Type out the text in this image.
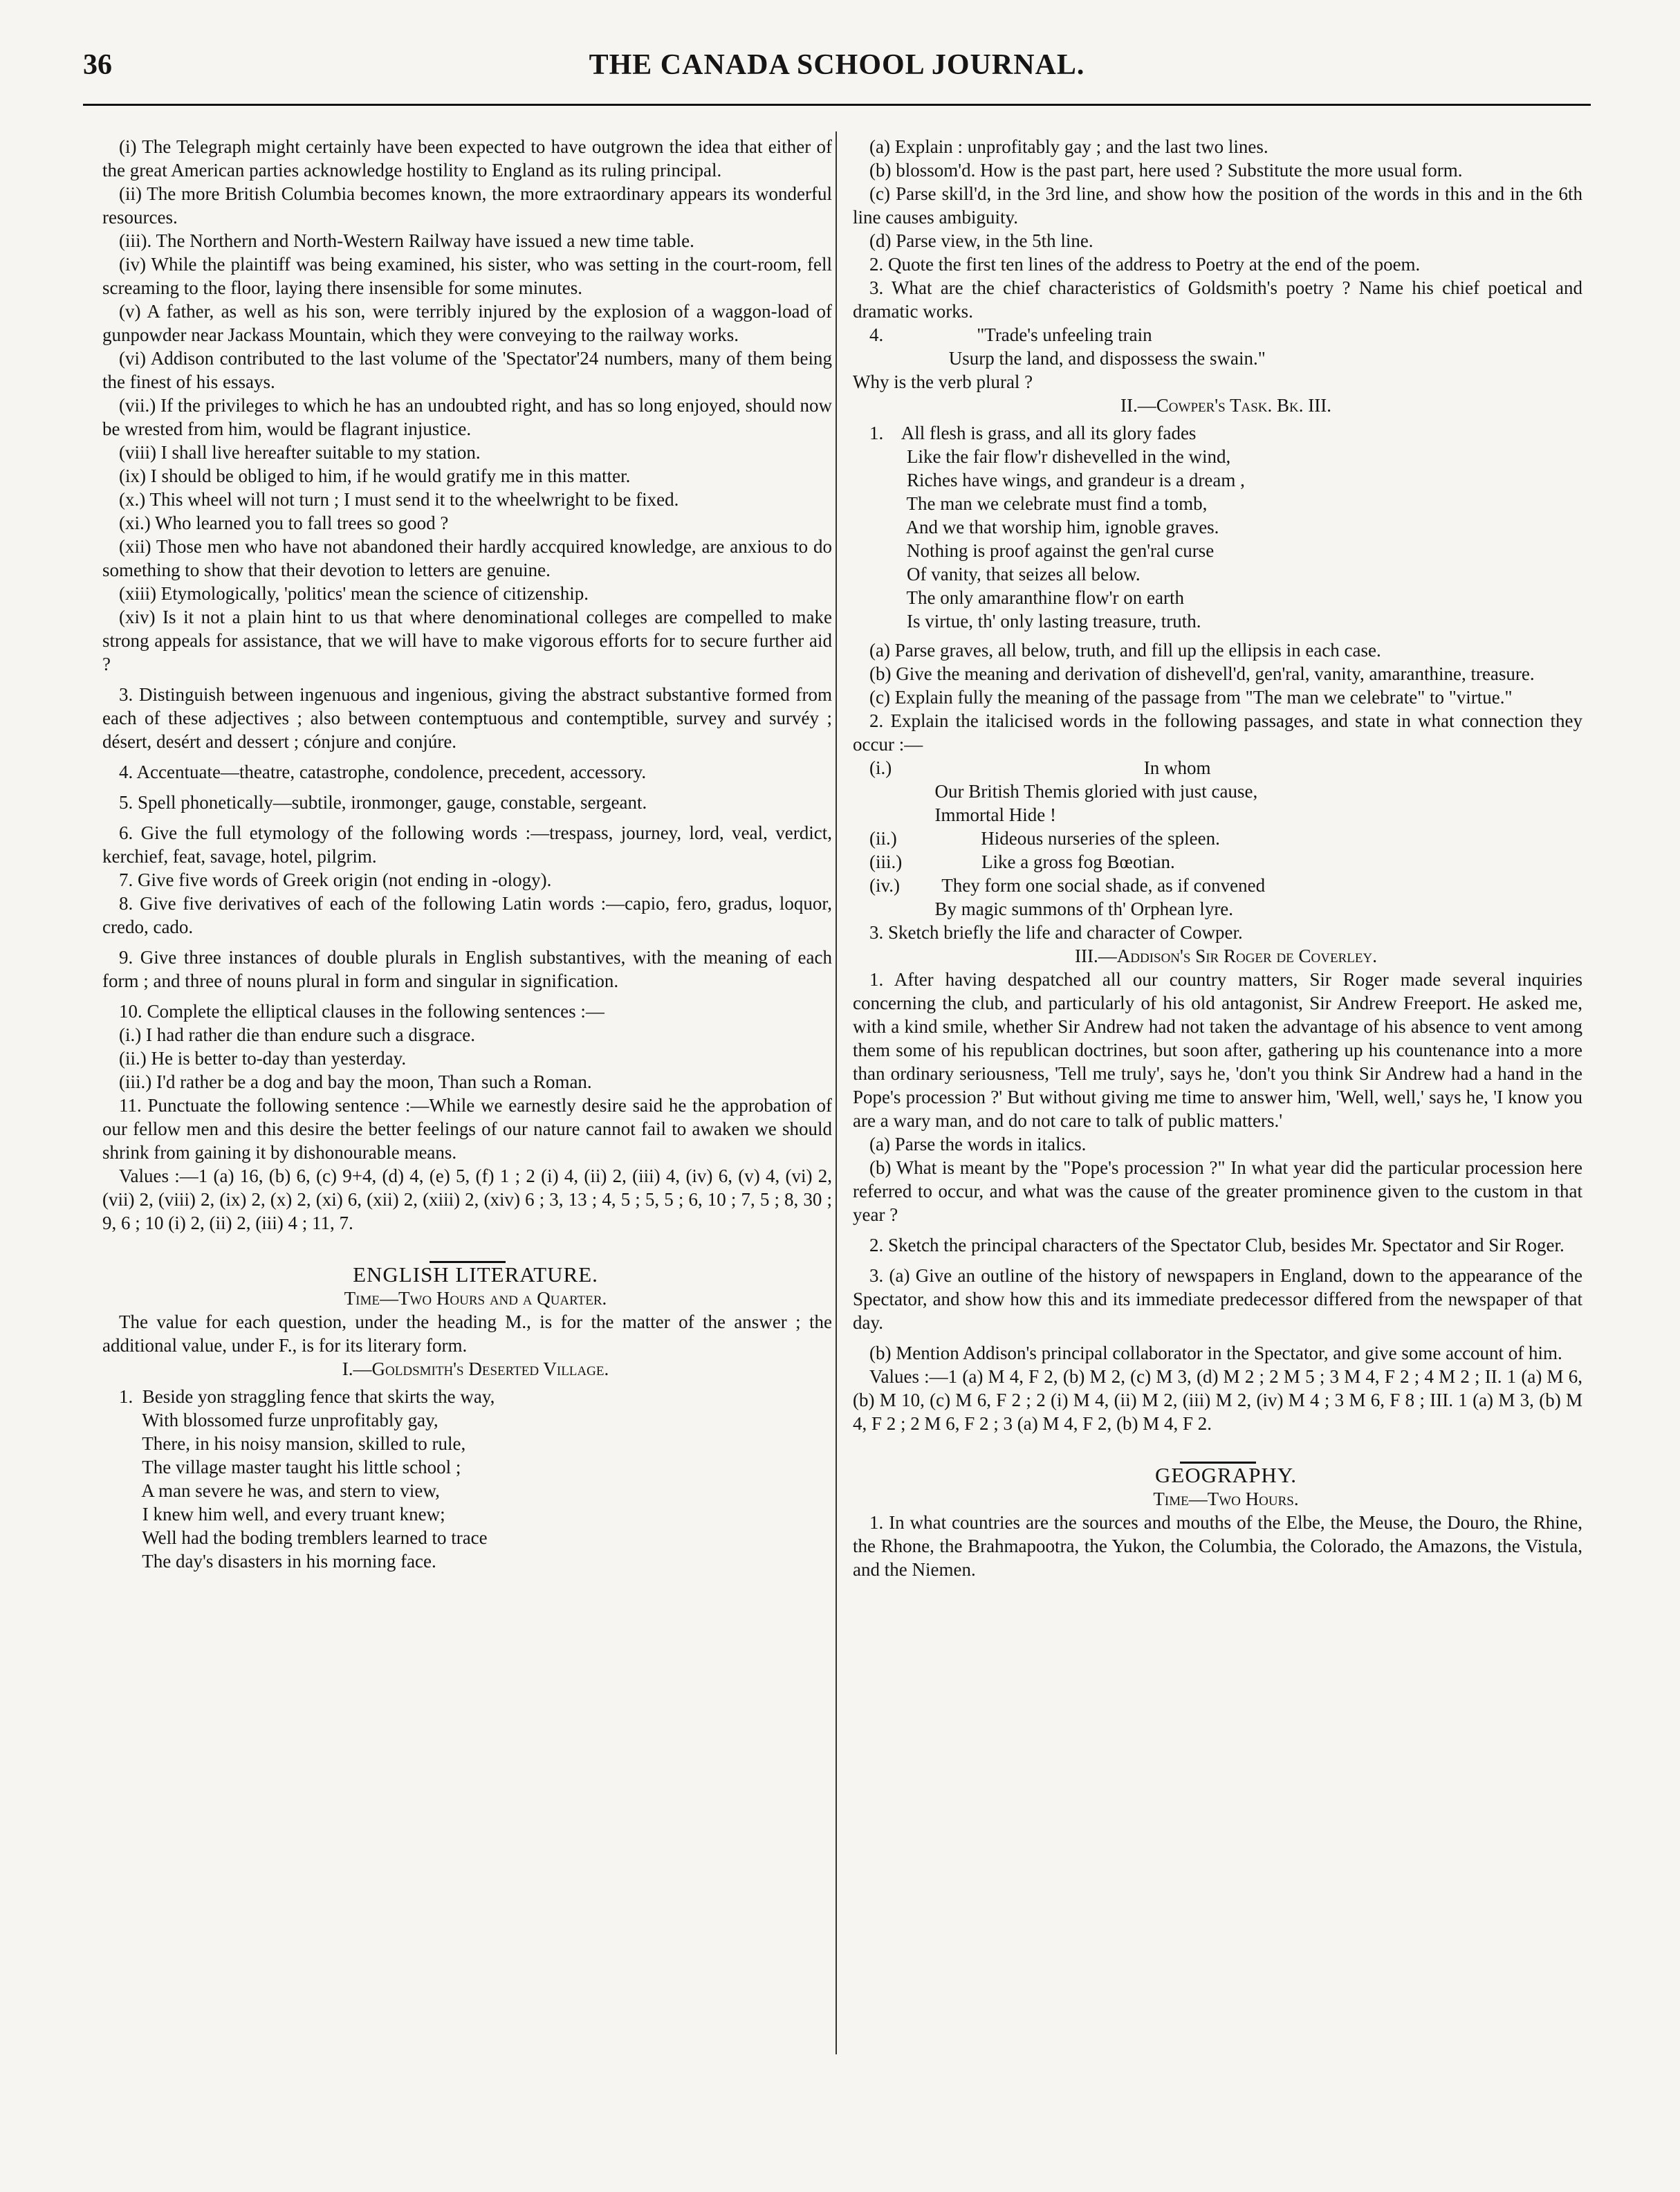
36	THE CANADA SCHOOL JOURNAL.

(i) The Telegraph might certainly have been expected to have outgrown the idea that either of the great American parties acknowledge hostility to England as its ruling principal.

(ii) The more British Columbia becomes known, the more extraordinary appears its wonderful resources.

(iii). The Northern and North-Western Railway have issued a new time table.

(iv) While the plaintiff was being examined, his sister, who was setting in the court-room, fell screaming to the floor, laying there insensible for some minutes.

(v) A father, as well as his son, were terribly injured by the explosion of a waggon-load of gunpowder near Jackass Mountain, which they were conveying to the railway works.

(vi) Addison contributed to the last volume of the 'Spectator'24 numbers, many of them being the finest of his essays.

(vii.) If the privileges to which he has an undoubted right, and has so long enjoyed, should now be wrested from him, would be flagrant injustice.

(viii) I shall live hereafter suitable to my station.

(ix) I should be obliged to him, if he would gratify me in this matter.

(x.) This wheel will not turn ; I must send it to the wheelwright to be fixed.

(xi.) Who learned you to fall trees so good ?

(xii) Those men who have not abandoned their hardly accquired knowledge, are anxious to do something to show that their devotion to letters are genuine.

(xiii) Etymologically, 'politics' mean the science of citizenship.

(xiv) Is it not a plain hint to us that where denominational colleges are compelled to make strong appeals for assistance, that we will have to make vigorous efforts for to secure further aid ?

3. Distinguish between ingenuous and ingenious, giving the abstract substantive formed from each of these adjectives ; also between contemptuous and contemptible, survey and survéy ; désert, desért and dessert ; cónjure and conjúre.

4. Accentuate—theatre, catastrophe, condolence, precedent, accessory.

5. Spell phonetically—subtile, ironmonger, gauge, constable, sergeant.

6. Give the full etymology of the following words :—trespass, journey, lord, veal, verdict, kerchief, feat, savage, hotel, pilgrim.

7. Give five words of Greek origin (not ending in -ology).

8. Give five derivatives of each of the following Latin words :—capio, fero, gradus, loquor, credo, cado.

9. Give three instances of double plurals in English substantives, with the meaning of each form ; and three of nouns plural in form and singular in signification.

10. Complete the elliptical clauses in the following sentences :—

(i.) I had rather die than endure such a disgrace.

(ii.) He is better to-day than yesterday.

(iii.) I'd rather be a dog and bay the moon, Than such a Roman.

11. Punctuate the following sentence :—While we earnestly desire said he the approbation of our fellow men and this desire the better feelings of our nature cannot fail to awaken we should shrink from gaining it by dishonourable means.

Values :—1 (a) 16, (b) 6, (c) 9+4, (d) 4, (e) 5, (f) 1 ; 2 (i) 4, (ii) 2, (iii) 4, (iv) 6, (v) 4, (vi) 2, (vii) 2, (viii) 2, (ix) 2, (x) 2, (xi) 6, (xii) 2, (xiii) 2, (xiv) 6 ; 3, 13 ; 4, 5 ; 5, 5 ; 6, 10 ; 7, 5 ; 8, 30 ; 9, 6 ; 10 (i) 2, (ii) 2, (iii) 4 ; 11, 7.

ENGLISH LITERATURE.

Time—Two Hours and a Quarter.

The value for each question, under the heading M., is for the matter of the answer ; the additional value, under F., is for its literary form.

I.—Goldsmith's Deserted Village.

1.  Beside yon straggling fence that skirts the way,
With blossomed furze unprofitably gay,
There, in his noisy mansion, skilled to rule,
The village master taught his little school ;
A man severe he was, and stern to view,
I knew him well, and every truant knew;
Well had the boding tremblers learned to trace
The day's disasters in his morning face.

(a) Explain : unprofitably gay ; and the last two lines.

(b) blossom'd. How is the past part, here used ? Substitute the more usual form.

(c) Parse skill'd, in the 3rd line, and show how the position of the words in this and in the 6th line causes ambiguity.

(d) Parse view, in the 5th line.

2. Quote the first ten lines of the address to Poetry at the end of the poem.

3. What are the chief characteristics of Goldsmith's poetry ? Name his chief poetical and dramatic works.

4.                    "Trade's unfeeling train
Usurp the land, and dispossess the swain."

Why is the verb plural ?

II.—Cowper's Task. Bk. III.

1.    All flesh is grass, and all its glory fades
Like the fair flow'r dishevelled in the wind,
Riches have wings, and grandeur is a dream ,
The man we celebrate must find a tomb,
And we that worship him, ignoble graves.
Nothing is proof against the gen'ral curse
Of vanity, that seizes all below.
The only amaranthine flow'r on earth
Is virtue, th' only lasting treasure, truth.

(a) Parse graves, all below, truth, and fill up the ellipsis in each case.

(b) Give the meaning and derivation of dishevell'd, gen'ral, vanity, amaranthine, treasure.

(c) Explain fully the meaning of the passage from "The man we celebrate" to "virtue."

2. Explain the italicised words in the following passages, and state in what connection they occur :—

(i.)                                                      In whom
Our British Themis gloried with just cause,
Immortal Hide !
(ii.)                  Hideous nurseries of the spleen.
(iii.)                 Like a gross fog Bœotian.
(iv.)         They form one social shade, as if convened
By magic summons of th' Orphean lyre.

3. Sketch briefly the life and character of Cowper.

III.—Addison's Sir Roger de Coverley.

1. After having despatched all our country matters, Sir Roger made several inquiries concerning the club, and particularly of his old antagonist, Sir Andrew Freeport. He asked me, with a kind smile, whether Sir Andrew had not taken the advantage of his absence to vent among them some of his republican doctrines, but soon after, gathering up his countenance into a more than ordinary seriousness, 'Tell me truly', says he, 'don't you think Sir Andrew had a hand in the Pope's procession ?' But without giving me time to answer him, 'Well, well,' says he, 'I know you are a wary man, and do not care to talk of public matters.'

(a) Parse the words in italics.

(b) What is meant by the "Pope's procession ?" In what year did the particular procession here referred to occur, and what was the cause of the greater prominence given to the custom in that year ?

2. Sketch the principal characters of the Spectator Club, besides Mr. Spectator and Sir Roger.

3. (a) Give an outline of the history of newspapers in England, down to the appearance of the Spectator, and show how this and its immediate predecessor differed from the newspaper of that day.

(b) Mention Addison's principal collaborator in the Spectator, and give some account of him.

Values :—1 (a) M 4, F 2, (b) M 2, (c) M 3, (d) M 2 ; 2 M 5 ; 3 M 4, F 2 ; 4 M 2 ; II. 1 (a) M 6, (b) M 10, (c) M 6, F 2 ; 2 (i) M 4, (ii) M 2, (iii) M 2, (iv) M 4 ; 3 M 6, F 8 ; III. 1 (a) M 3, (b) M 4, F 2 ; 2 M 6, F 2 ; 3 (a) M 4, F 2, (b) M 4, F 2.

GEOGRAPHY.

Time—Two Hours.

1. In what countries are the sources and mouths of the Elbe, the Meuse, the Douro, the Rhine, the Rhone, the Brahmapootra, the Yukon, the Columbia, the Colorado, the Amazons, the Vistula, and the Niemen.
